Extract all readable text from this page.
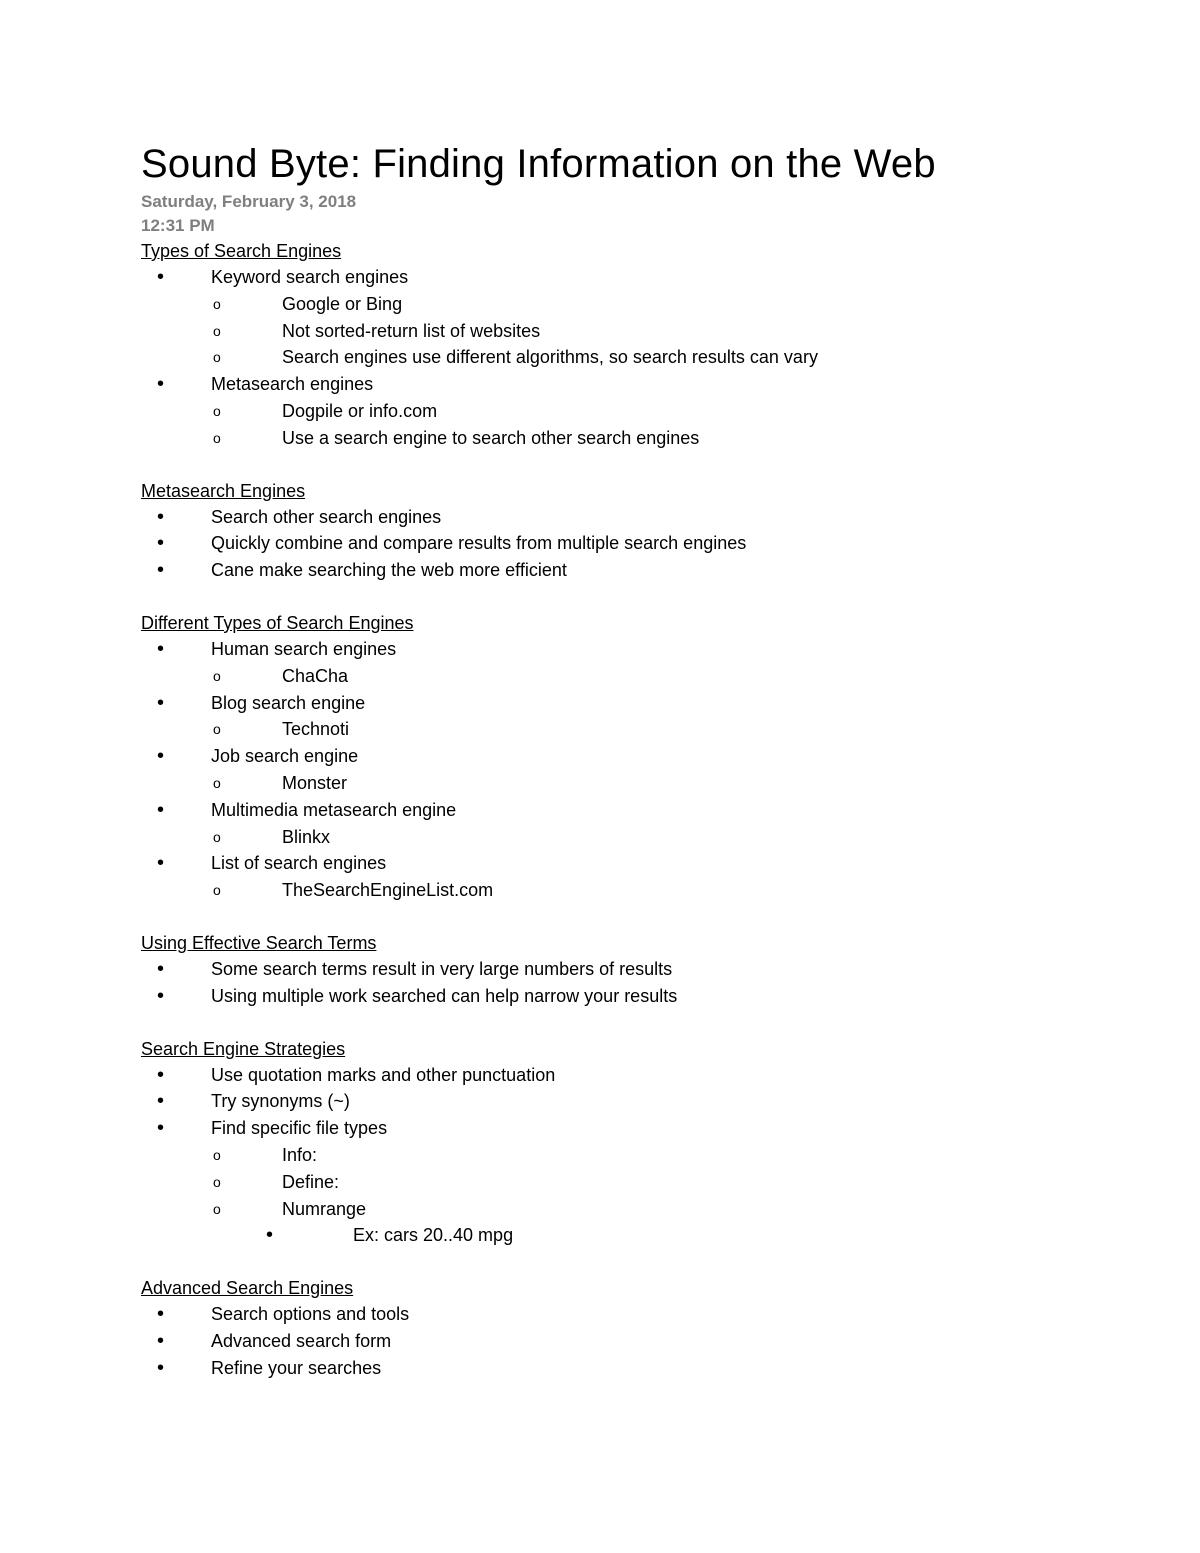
Sound Byte: Finding Information on the Web
Saturday, February 3, 2018
12:31 PM
Types of Search Engines
•	Keyword search engines
o	Google or Bing
o	Not sorted-return list of websites
o	Search engines use different algorithms, so search results can vary
•	Metasearch engines
o	Dogpile or info.com
o	Use a search engine to search other search engines
Metasearch Engines
•	Search other search engines
•	Quickly combine and compare results from multiple search engines
•	Cane make searching the web more efficient
Different Types of Search Engines
•	Human search engines
o	ChaCha
•	Blog search engine
o	Technoti
•	Job search engine
o	Monster
•	Multimedia metasearch engine
o	Blinkx
•	List of search engines
o	TheSearchEngineList.com
Using Effective Search Terms
•	Some search terms result in very large numbers of results
•	Using multiple work searched can help narrow your results
Search Engine Strategies
•	Use quotation marks and other punctuation
•	Try synonyms (~)
•	Find specific file types
o	Info:
o	Define:
o	Numrange
•	Ex: cars 20..40 mpg
Advanced Search Engines
•	Search options and tools
•	Advanced search form
•	Refine your searches
